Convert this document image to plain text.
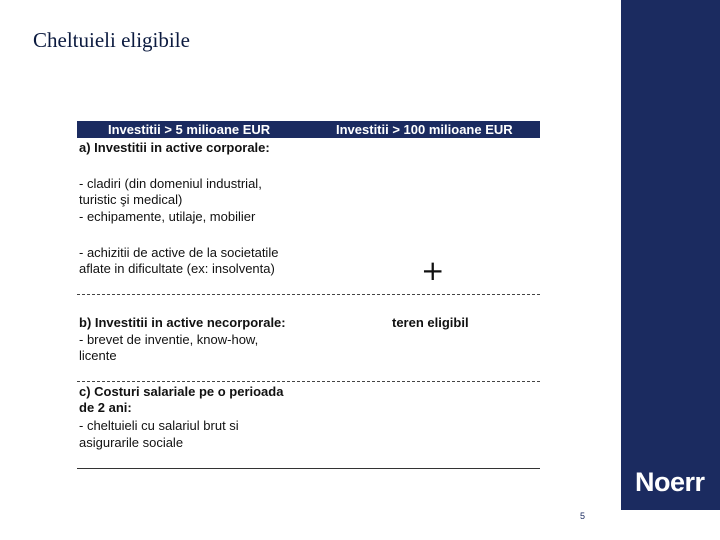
Cheltuieli eligibile
Investitii > 5 milioane EUR	Investitii > 100 milioane EUR
a) Investitii in active corporale:
- cladiri (din domeniul industrial,
turistic şi medical)
- echipamente, utilaje, mobilier
- achizitii de active de la societatile
aflate in dificultate (ex: insolventa)	+
b) Investitii in active necorporale:
- brevet de inventie, know-how,
licente
teren eligibil
c) Costuri salariale pe o perioada
de 2 ani:
- cheltuieli cu salariul brut si
asigurarile sociale
Noerr
5
